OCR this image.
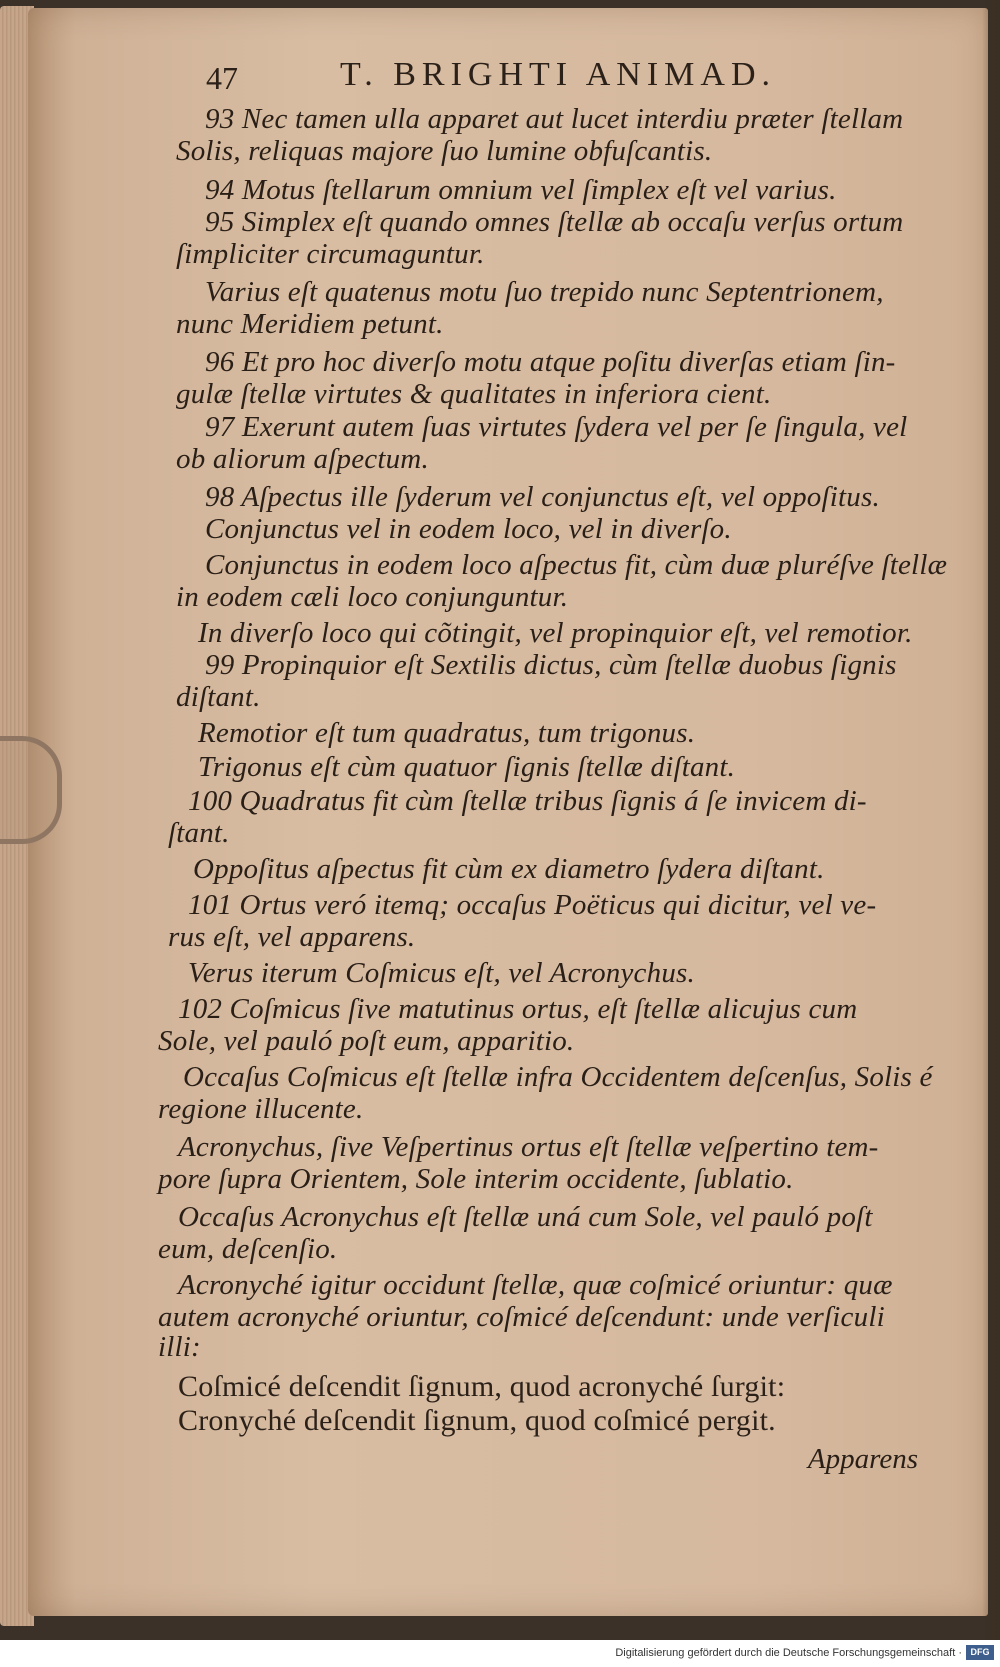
47	T. BRIGHTI ANIMAD.

93 Nec tamen ulla apparet aut lucet interdiu præter ſtellam

Solis, reliquas majore ſuo lumine obfuſcantis.

94 Motus ſtellarum omnium vel ſimplex eſt vel varius.

95 Simplex eſt quando omnes ſtellæ ab occaſu verſus ortum

ſimpliciter circumaguntur.

Varius eſt quatenus motu ſuo trepido nunc Septentrionem,

nunc Meridiem petunt.

96 Et pro hoc diverſo motu atque poſitu diverſas etiam ſin-

gulæ ſtellæ virtutes & qualitates in inferiora cient.

97 Exerunt autem ſuas virtutes ſydera vel per ſe ſingula, vel

ob aliorum aſpectum.

98 Aſpectus ille ſyderum vel conjunctus eſt, vel oppoſitus.

Conjunctus vel in eodem loco, vel in diverſo.

Conjunctus in eodem loco aſpectus fit, cùm duæ pluréſve ſtellæ

in eodem cæli loco conjunguntur.

In diverſo loco qui cõtingit, vel propinquior eſt, vel remotior.

99 Propinquior eſt Sextilis dictus, cùm ſtellæ duobus ſignis

diſtant.

Remotior eſt tum quadratus, tum trigonus.

Trigonus eſt cùm quatuor ſignis ſtellæ diſtant.

100 Quadratus fit cùm ſtellæ tribus ſignis á ſe invicem di-

ſtant.

Oppoſitus aſpectus fit cùm ex diametro ſydera diſtant.

101 Ortus veró itemq; occaſus Poëticus qui dicitur, vel ve-

rus eſt, vel apparens.

Verus iterum Coſmicus eſt, vel Acronychus.

102 Coſmicus ſive matutinus ortus, eſt ſtellæ alicujus cum

Sole, vel pauló poſt eum, apparitio.

Occaſus Coſmicus eſt ſtellæ infra Occidentem deſcenſus, Solis é

regione illucente.

Acronychus, ſive Veſpertinus ortus eſt ſtellæ veſpertino tem-

pore ſupra Orientem, Sole interim occidente, ſublatio.

Occaſus Acronychus eſt ſtellæ uná cum Sole, vel pauló poſt

eum, deſcenſio.

Acronyché igitur occidunt ſtellæ, quæ coſmicé oriuntur: quæ

autem acronyché oriuntur, coſmicé deſcendunt: unde verſiculi

illi:

Coſmicé deſcendit ſignum, quod acronyché ſurgit:

Cronyché deſcendit ſignum, quod coſmicé pergit.

Apparens

Digitalisierung gefördert durch die Deutsche Forschungsgemeinschaft · DFG
